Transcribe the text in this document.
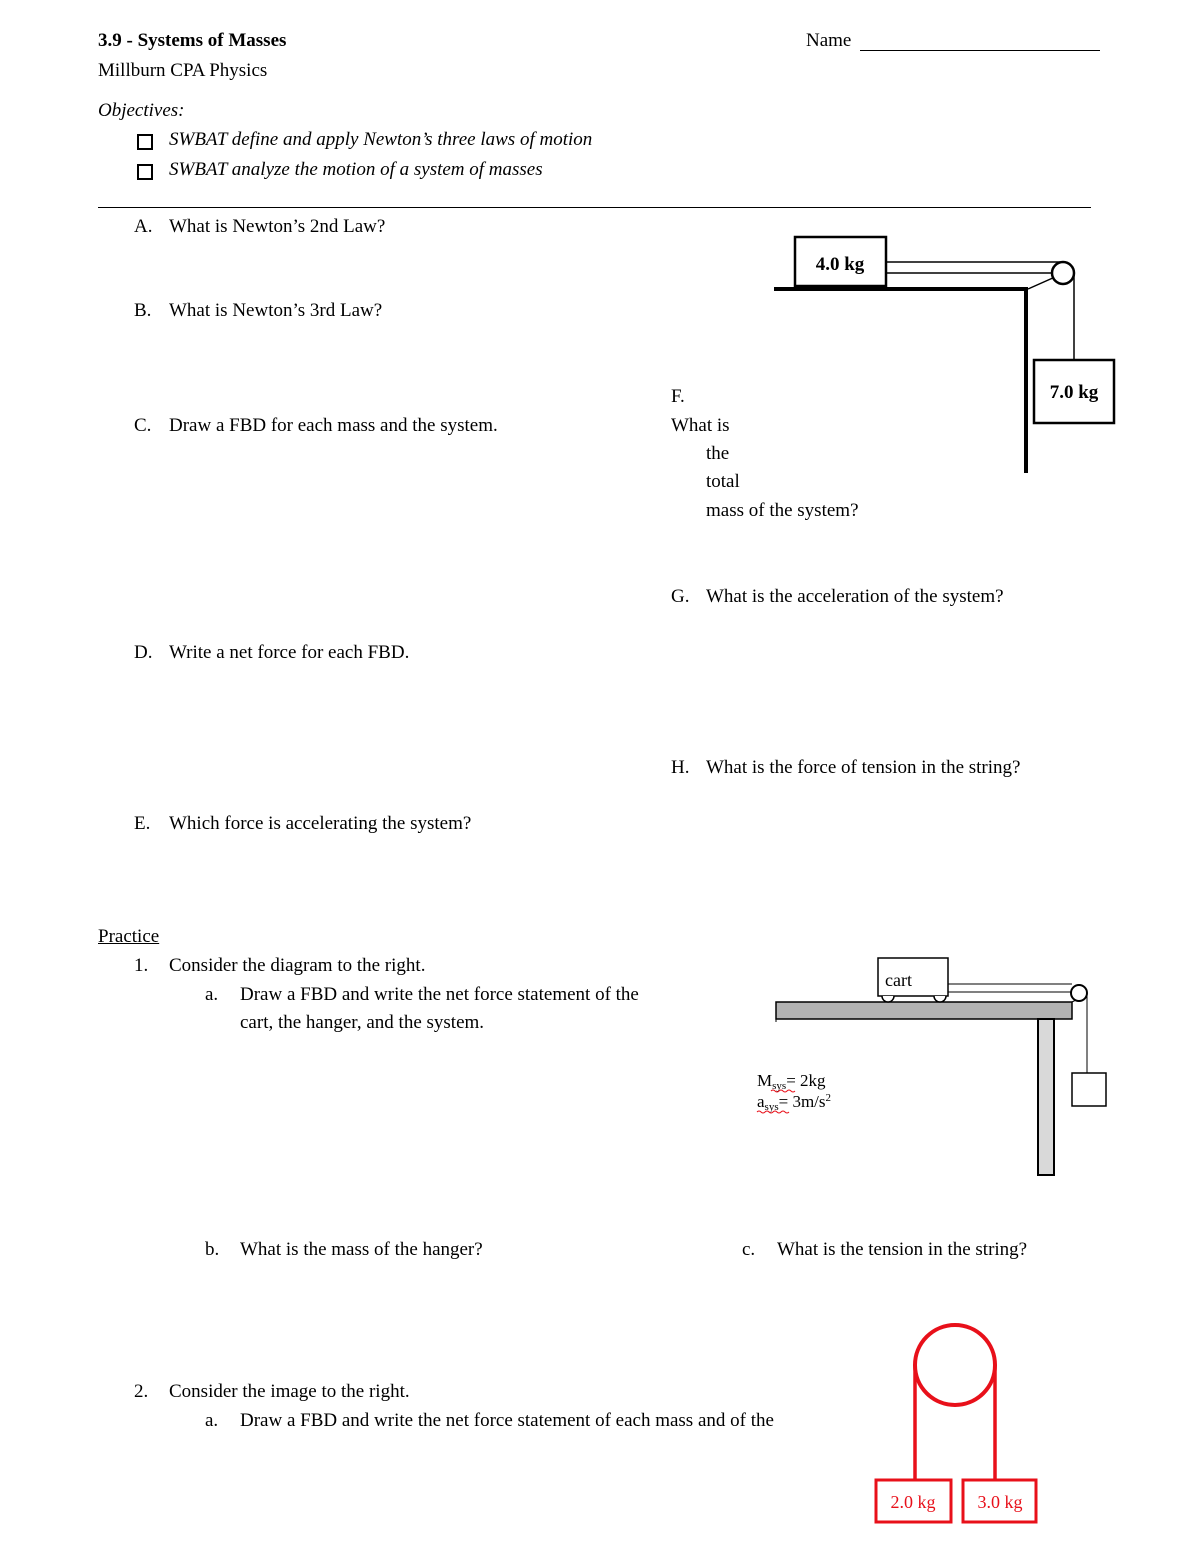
3.9 - Systems of Masses
Millburn CPA Physics
Name
Objectives:
SWBAT define and apply Newton’s three laws of motion
SWBAT analyze the motion of a system of masses
A. What is Newton’s 2nd Law?
B. What is Newton’s 3rd Law?
C. Draw a FBD for each mass and the system.
D. Write a net force for each FBD.
E. Which force is accelerating the system?
F.
What is
the
total
mass of the system?
G. What is the acceleration of the system?
H. What is the force of tension in the string?
4.0 kg
7.0 kg
Practice
1. Consider the diagram to the right.
a. Draw a FBD and write the net force statement of the
cart, the hanger, and the system.
b. What is the mass of the hanger?	c. What is the tension in the string?
2. Consider the image to the right.
a. Draw a FBD and write the net force statement of each mass and of the
cart
Msys= 2kg
asys= $3m/s^2$
2.0 kg 3.0 kg
